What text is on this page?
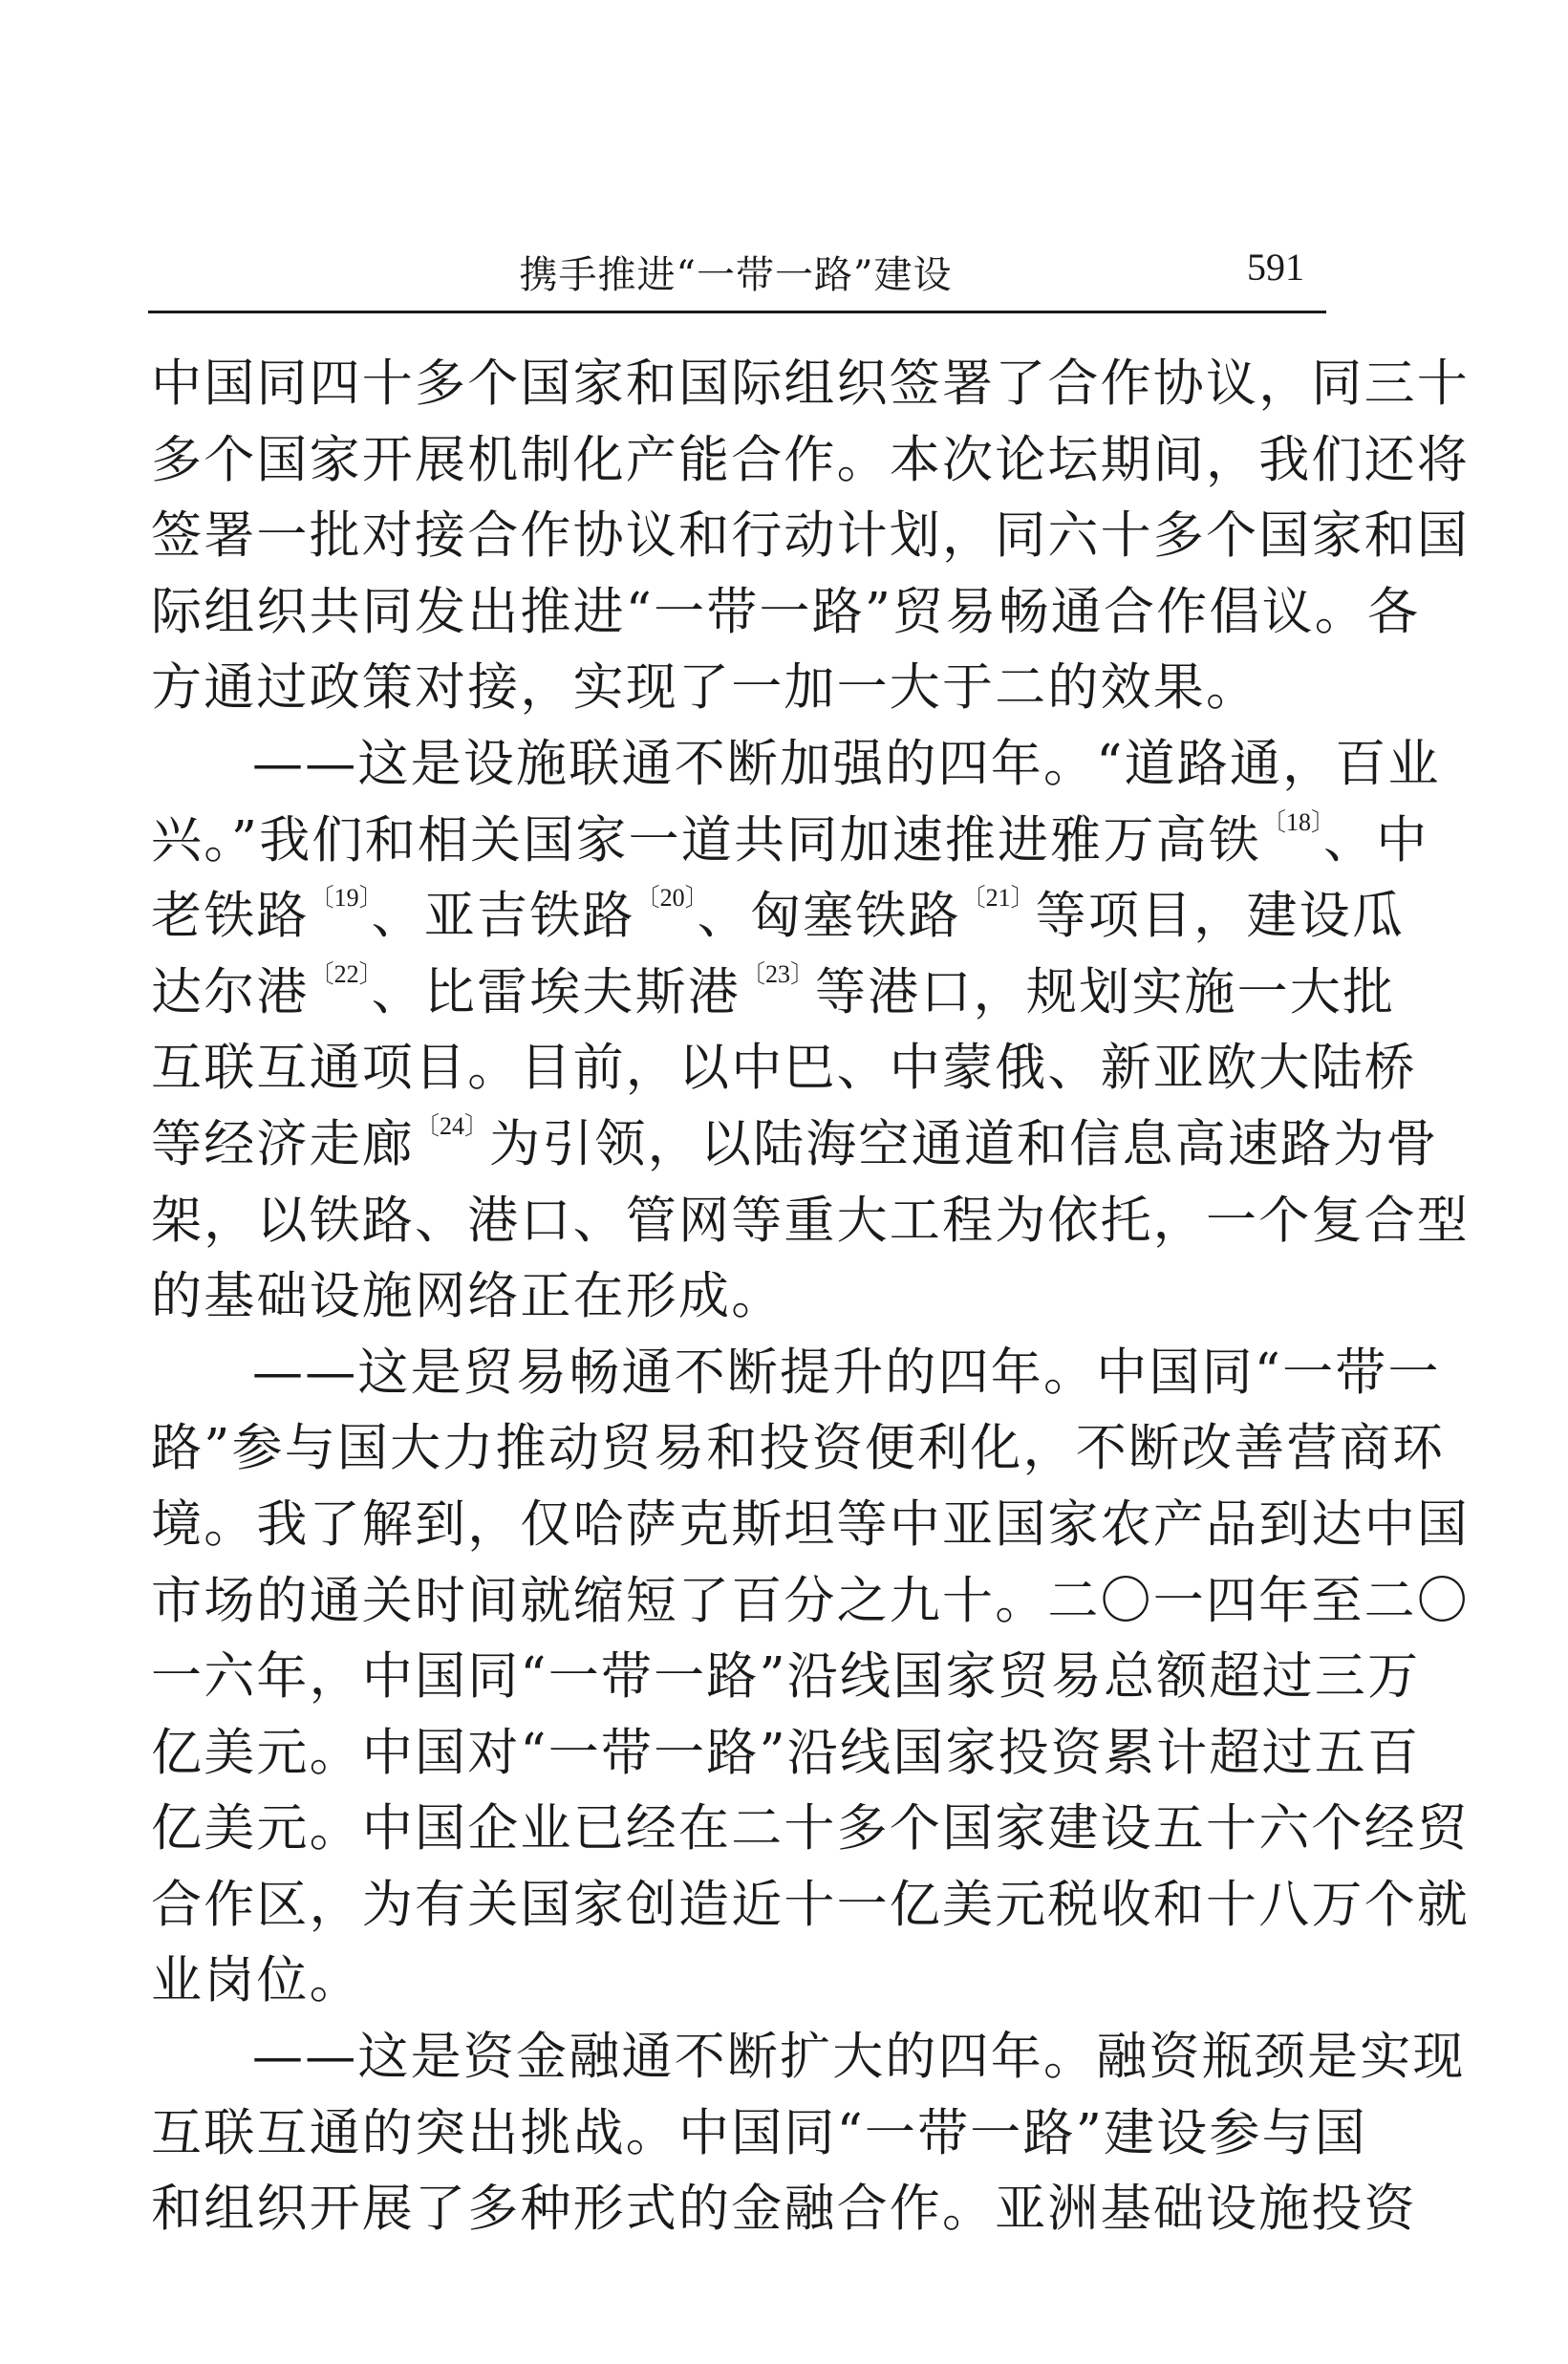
携手推进“一带一路”建设	591
中国同四十多个国家和国际组织签署了合作协议，同三十
多个国家开展机制化产能合作。本次论坛期间，我们还将
签署一批对接合作协议和行动计划，同六十多个国家和国
际组织共同发出推进“一带一路”贸易畅通合作倡议。各
方通过政策对接，实现了一加一大于二的效果。
——这是设施联通不断加强的四年。“道路通，百业
兴。”我们和相关国家一道共同加速推进雅万高铁$^{〔18〕}$、中
老铁路$^{〔19〕}$、亚吉铁路$^{〔20〕}$、匈塞铁路$^{〔21〕}$等项目，建设瓜
达尔港$^{〔22〕}$、比雷埃夫斯港$^{〔23〕}$等港口，规划实施一大批
互联互通项目。目前，以中巴、中蒙俄、新亚欧大陆桥
等经济走廊$^{〔24〕}$为引领，以陆海空通道和信息高速路为骨
架，以铁路、港口、管网等重大工程为依托，一个复合型
的基础设施网络正在形成。
——这是贸易畅通不断提升的四年。中国同“一带一
路”参与国大力推动贸易和投资便利化，不断改善营商环
境。我了解到，仅哈萨克斯坦等中亚国家农产品到达中国
市场的通关时间就缩短了百分之九十。二〇一四年至二〇
一六年，中国同“一带一路”沿线国家贸易总额超过三万
亿美元。中国对“一带一路”沿线国家投资累计超过五百
亿美元。中国企业已经在二十多个国家建设五十六个经贸
合作区，为有关国家创造近十一亿美元税收和十八万个就
业岗位。
——这是资金融通不断扩大的四年。融资瓶颈是实现
互联互通的突出挑战。中国同“一带一路”建设参与国
和组织开展了多种形式的金融合作。亚洲基础设施投资
